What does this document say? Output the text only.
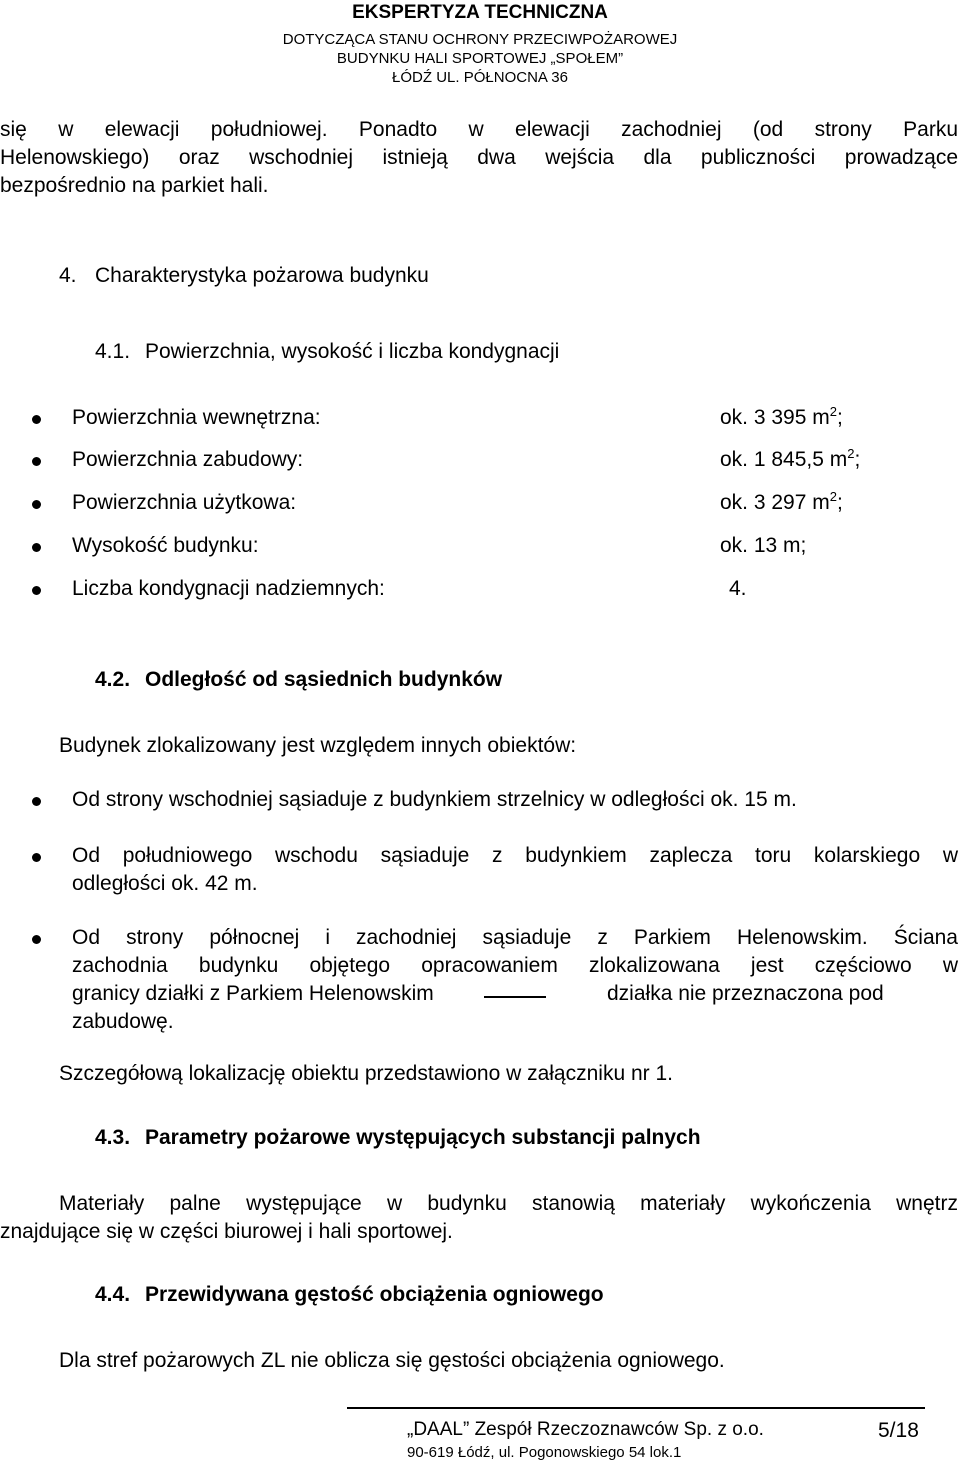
EKSPERTYZA TECHNICZNA
DOTYCZĄCA STANU OCHRONY PRZECIWPOŻAROWEJ
BUDYNKU HALI SPORTOWEJ „SPOŁEM”
ŁÓDŹ UL. PÓŁNOCNA 36
się w elewacji południowej. Ponadto w elewacji zachodniej (od strony Parku
Helenowskiego) oraz wschodniej istnieją dwa wejścia dla publiczności prowadzące
bezpośrednio na parkiet hali.
4. Charakterystyka pożarowa budynku
4.1. Powierzchnia, wysokość i liczba kondygnacji
Powierzchnia wewnętrzna:	ok. 3 395 $m^2$;
Powierzchnia zabudowy:	ok. 1 845,5 $m^2$;
Powierzchnia użytkowa:	ok. 3 297 $m^2$;
Wysokość budynku:	ok. 13 m;
Liczba kondygnacji nadziemnych:	4.
4.2. Odległość od sąsiednich budynków
Budynek zlokalizowany jest względem innych obiektów:
Od strony wschodniej sąsiaduje z budynkiem strzelnicy w odległości ok. 15 m.
Od południowego wschodu sąsiaduje z budynkiem zaplecza toru kolarskiego w
odległości ok. 42 m.
Od strony północnej i zachodniej sąsiaduje z Parkiem Helenowskim. Ściana
zachodnia budynku objętego opracowaniem zlokalizowana jest częściowo w
granicy działki z Parkiem Helenowskim	działka nie przeznaczona pod
zabudowę.
Szczegółową lokalizację obiektu przedstawiono w załączniku nr 1.
4.3. Parametry pożarowe występujących substancji palnych
Materiały palne występujące w budynku stanowią materiały wykończenia wnętrz
znajdujące się w części biurowej i hali sportowej.
4.4. Przewidywana gęstość obciążenia ogniowego
Dla stref pożarowych ZL nie oblicza się gęstości obciążenia ogniowego.
„DAAL” Zespół Rzeczoznawców Sp. z o.o.
90-619 Łódź, ul. Pogonowskiego 54 lok.1
5/18
